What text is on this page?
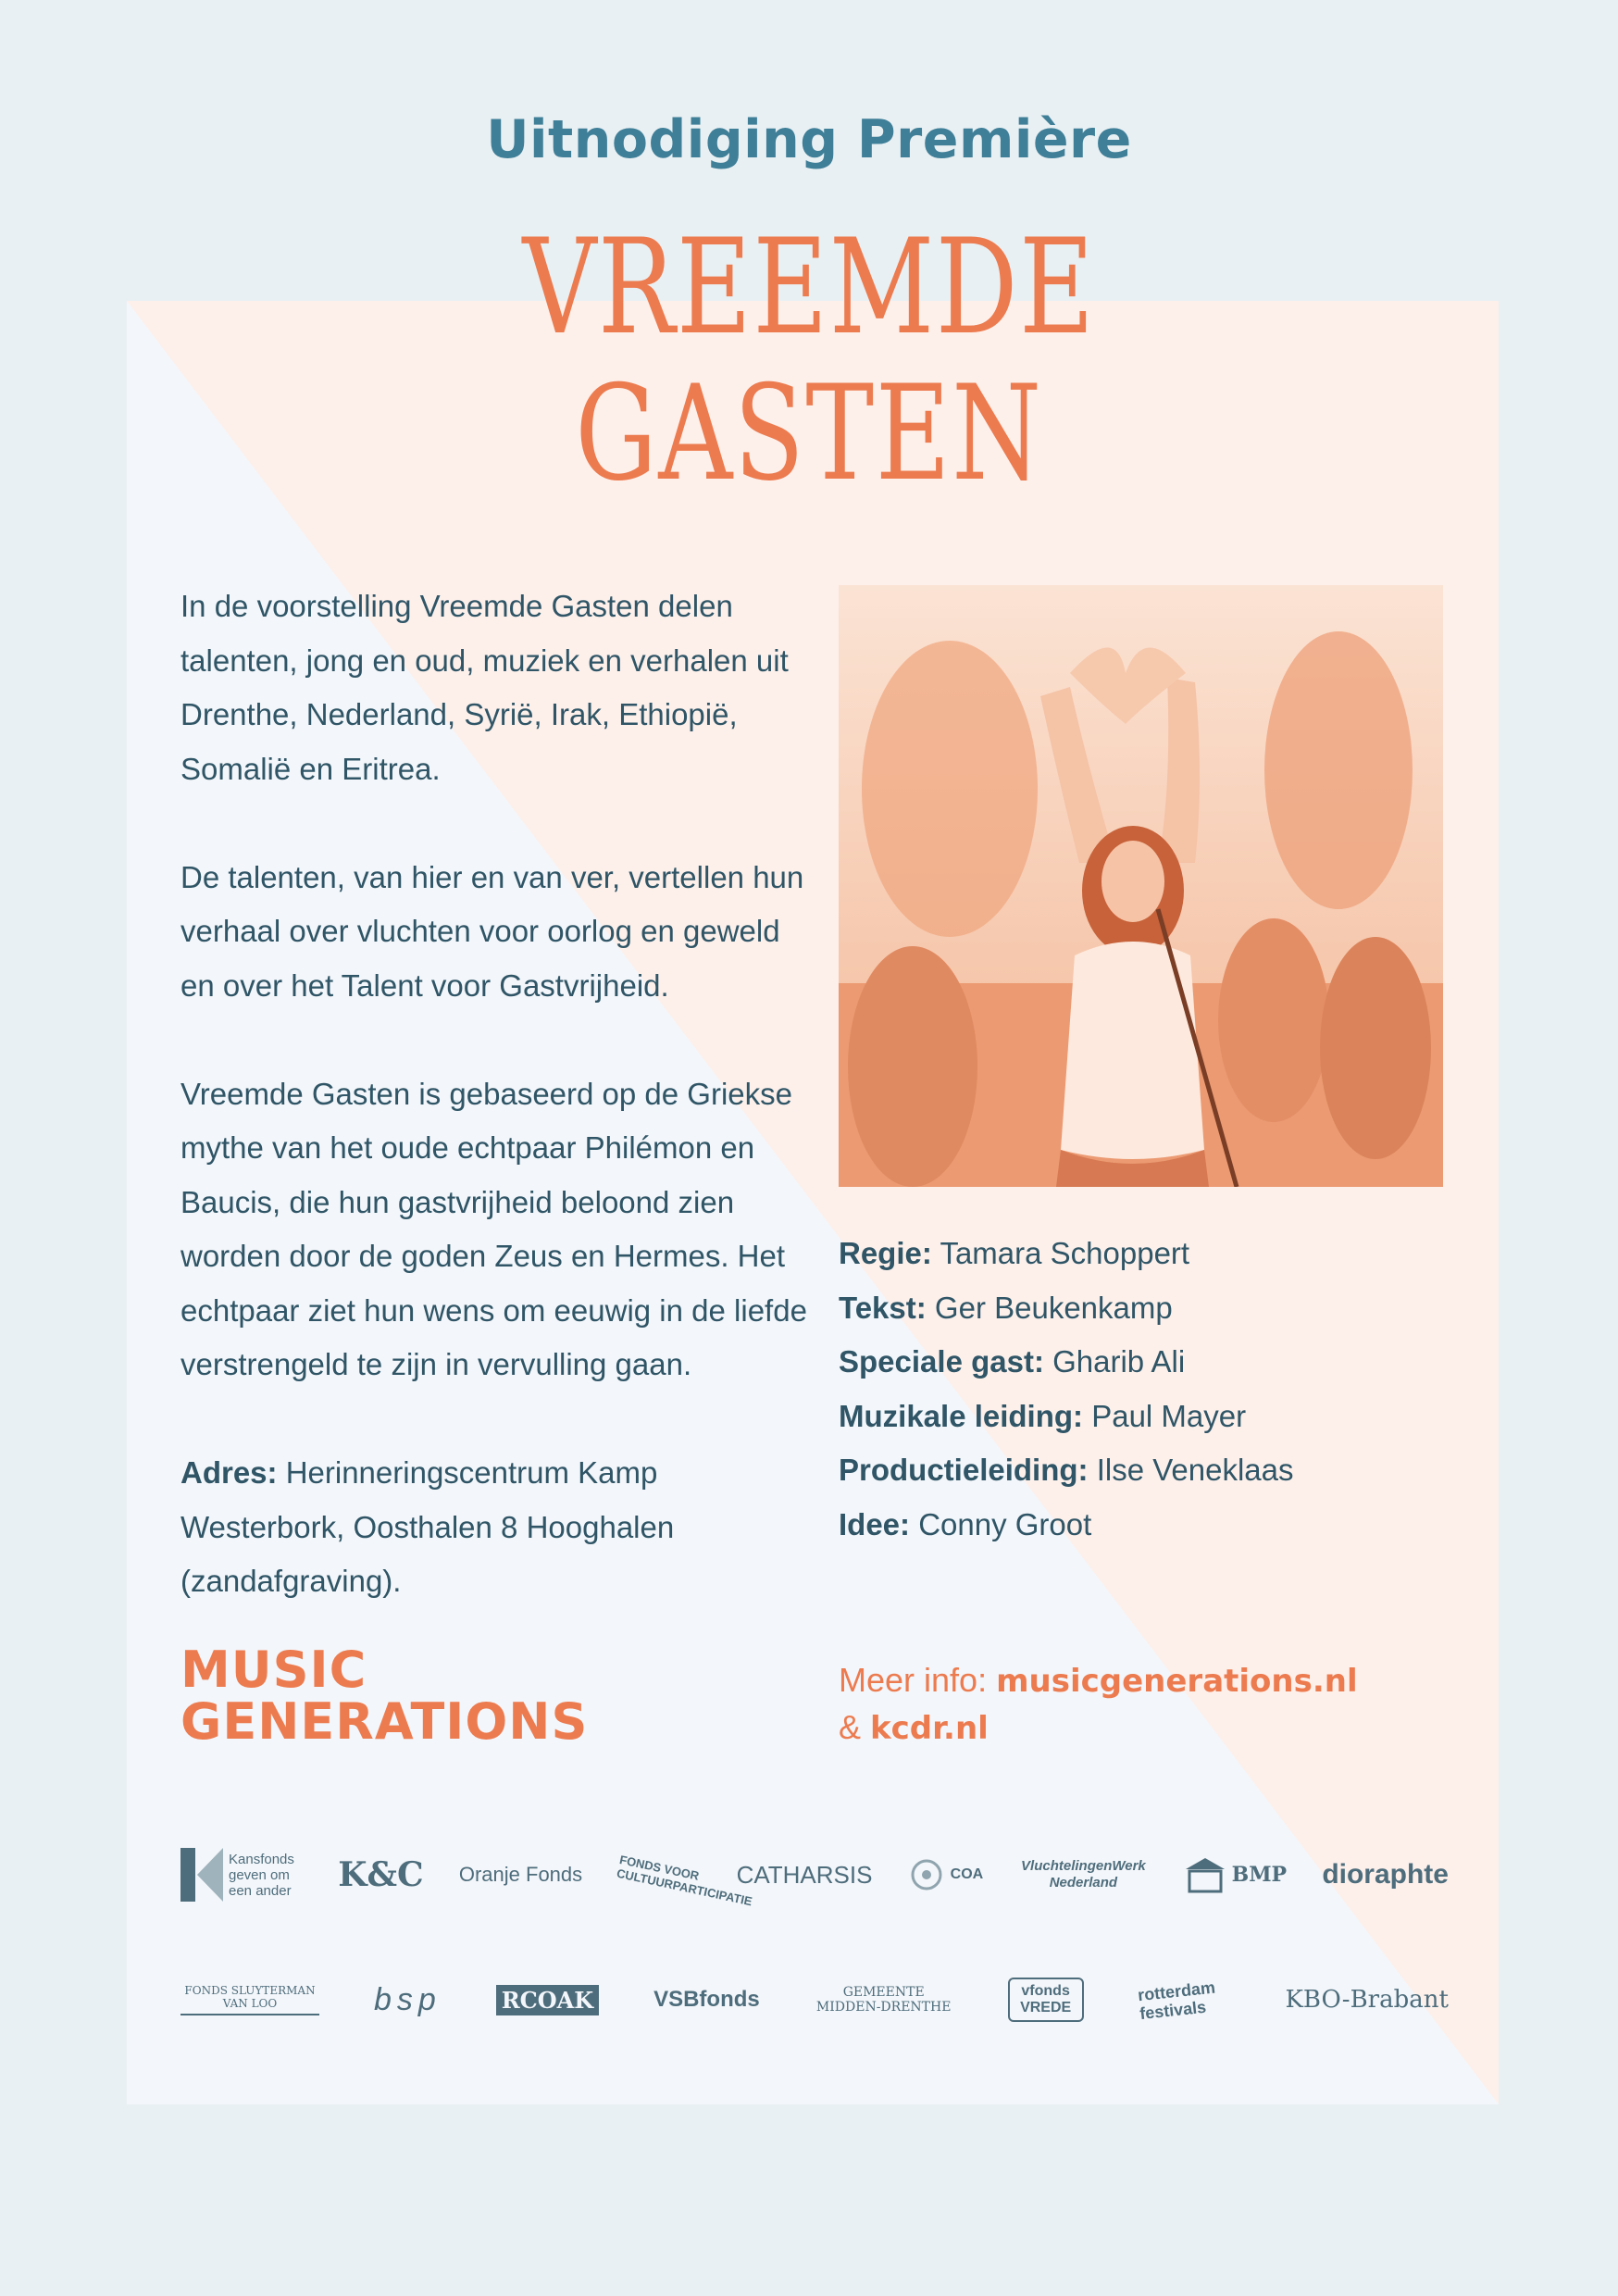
Uitnodiging Première
VREEMDE
GASTEN

In de voorstelling Vreemde Gasten delen talenten, jong en oud, muziek en verhalen uit Drenthe, Nederland, Syrië, Irak, Ethiopië, Somalië en Eritrea.

De talenten, van hier en van ver, vertellen hun verhaal over vluchten voor oorlog en geweld en over het Talent voor Gastvrijheid.

Vreemde Gasten is gebaseerd op de Griekse mythe van het oude echtpaar Philémon en Baucis, die hun gastvrijheid beloond zien worden door de goden Zeus en Hermes. Het echtpaar ziet hun wens om eeuwig in de liefde verstrengeld te zijn in vervulling gaan.

Adres: Herinneringscentrum Kamp Westerbork, Oosthalen 8 Hooghalen (zandafgraving).

Regie: Tamara Schoppert
Tekst: Ger Beukenkamp
Speciale gast: Gharib Ali
Muzikale leiding: Paul Mayer
Productieleiding: Ilse Veneklaas
Idee: Conny Groot
MUSIC
GENERATIONS
Meer info: musicgenerations.nl
& kcdr.nl
Kansfonds geven om een ander	K&C Oranje Fonds	FONDS VOOR CULTUURPARTICIPATIE
CATHARSIS	COA
VluchtelingenWerk Nederland	BMP dioraphte
FONDS SLUYTERMAN VAN LOO	bsp	RCOAK	VSBfonds	GEMEENTE MIDDEN-DRENTHE
vfonds VREDE
rotterdam festivals	KBO-Brabant
